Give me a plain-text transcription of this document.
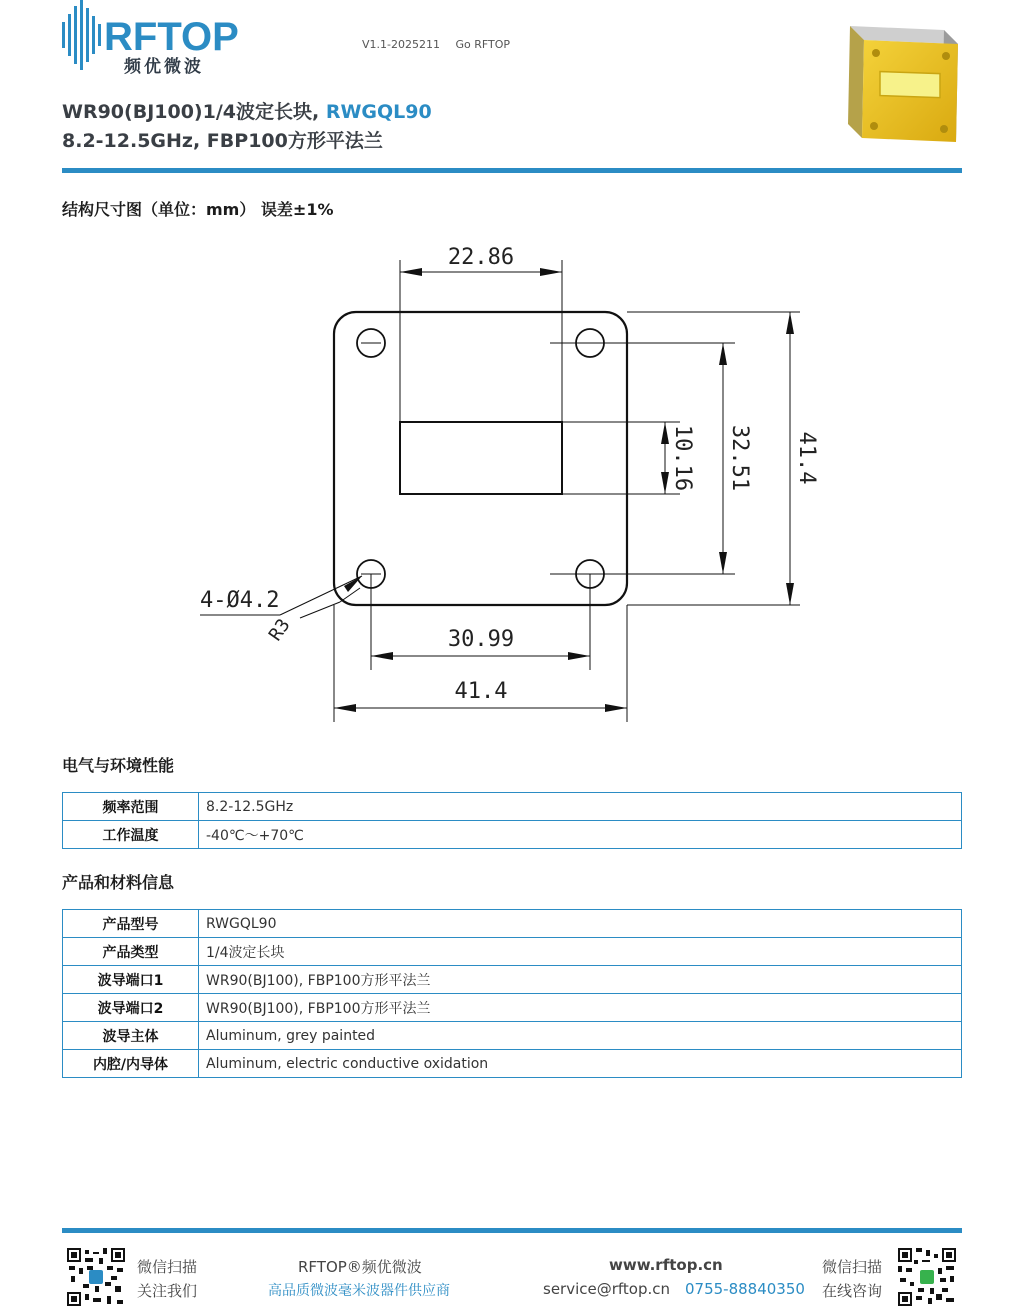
RFTOP
频优微波
V1.1-2025211 Go RFTOP
WR90(BJ100)1/4波定长块, RWGQL90
8.2-12.5GHz, FBP100方形平法兰
结构尺寸图（单位：mm） 误差±1%
22.86
30.99
41.4
4-Ø4.2
10.16 32.51 41.4
R3
电气与环境性能
频率范围	8.2-12.5GHz
工作温度	-40℃～+70℃
产品和材料信息
产品型号	RWGQL90
产品类型	1/4波定长块
波导端口1	WR90(BJ100), FBP100方形平法兰
波导端口2	WR90(BJ100), FBP100方形平法兰
波导主体	Aluminum, grey painted
内腔/内导体	Aluminum, electric conductive oxidation
微信扫描
关注我们
RFTOP®频优微波
高品质微波毫米波器件供应商
www.rftop.cn
service@rftop.cn 0755-88840350
微信扫描
在线咨询
